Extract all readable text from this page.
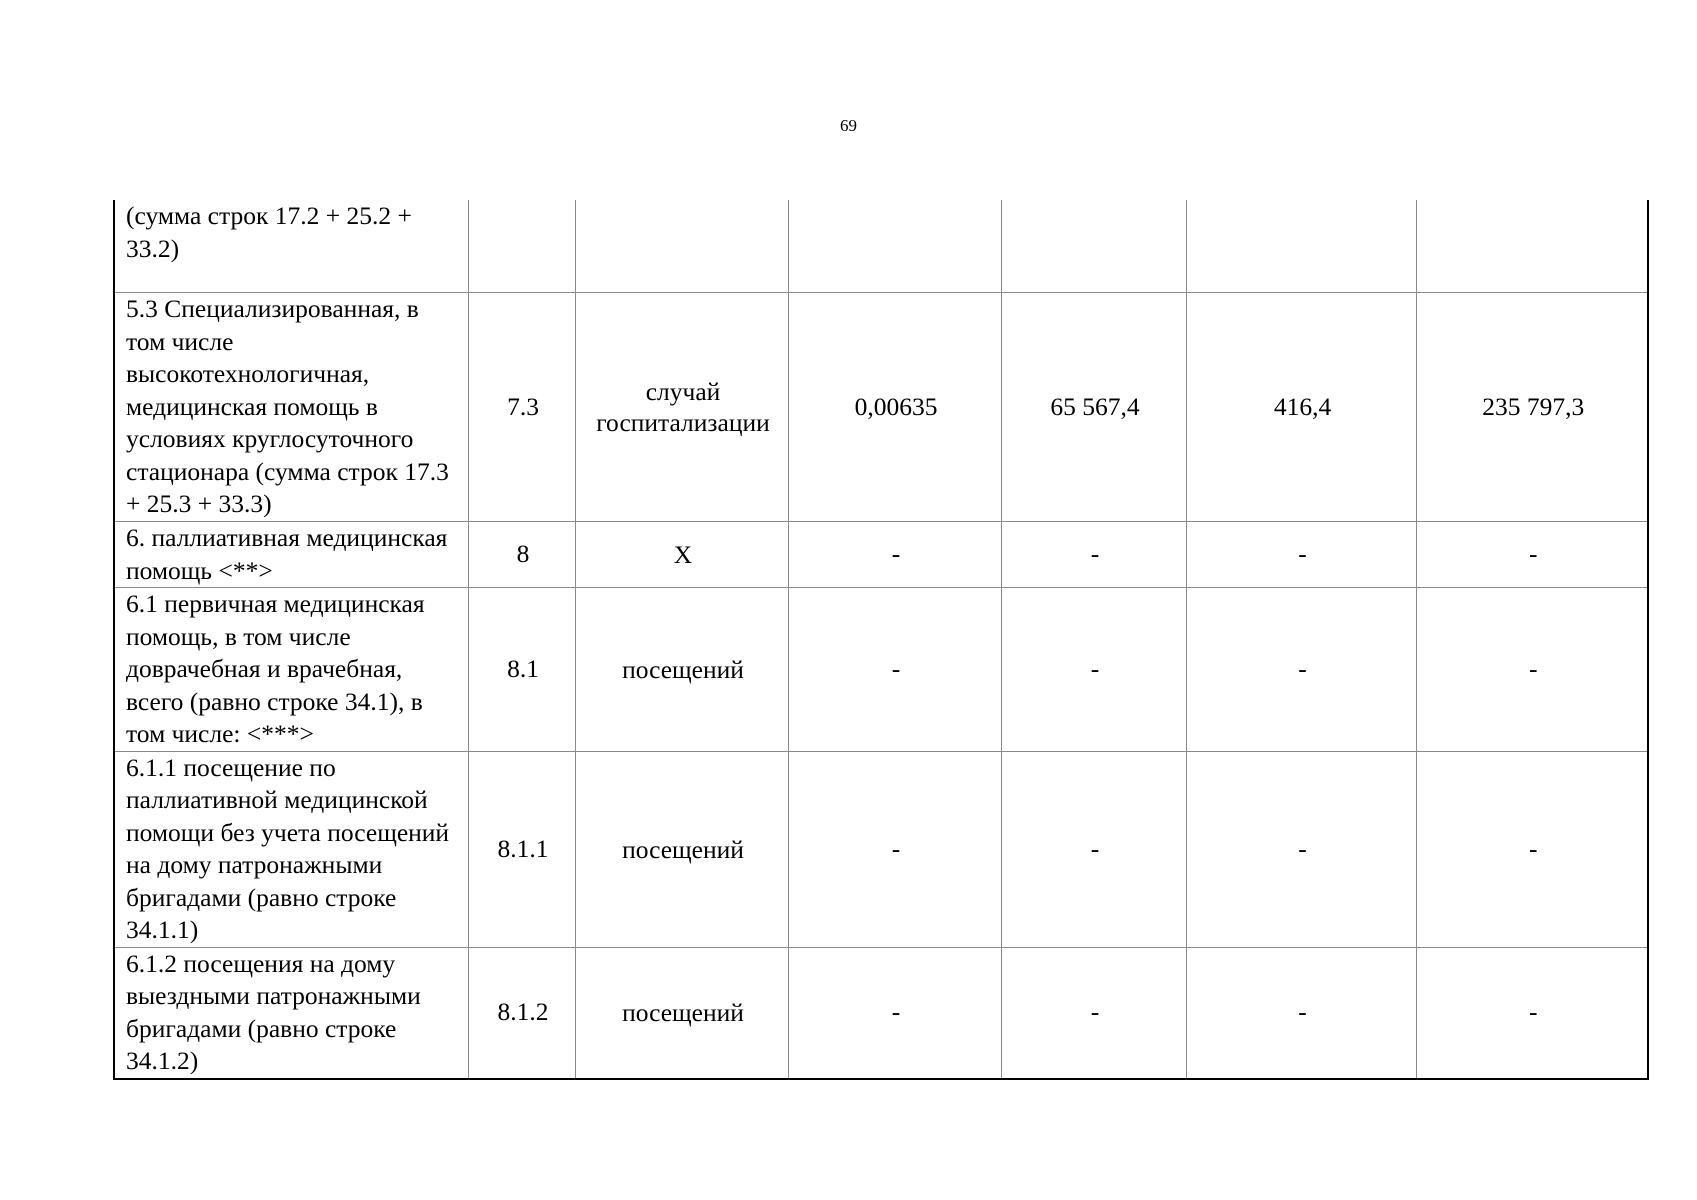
69
(сумма строк 17.2 + 25.2 + 33.2)						
5.3 Специализированная, в том числе высокотехнологичная, медицинская помощь в условиях круглосуточного стационара (сумма строк 17.3 + 25.3 + 33.3)	7.3	случай госпитализации	0,00635	65 567,4	416,4	235 797,3
6. паллиативная медицинская помощь <**>	8	X	-	-	-	-
6.1 первичная медицинская помощь, в том числе доврачебная и врачебная, всего (равно строке 34.1), в том числе: <***>	8.1	посещений	-	-	-	-
6.1.1 посещение по паллиативной медицинской помощи без учета посещений на дому патронажными бригадами (равно строке 34.1.1)	8.1.1	посещений	-	-	-	-
6.1.2 посещения на дому выездными патронажными бригадами (равно строке 34.1.2)	8.1.2	посещений	-	-	-	-
